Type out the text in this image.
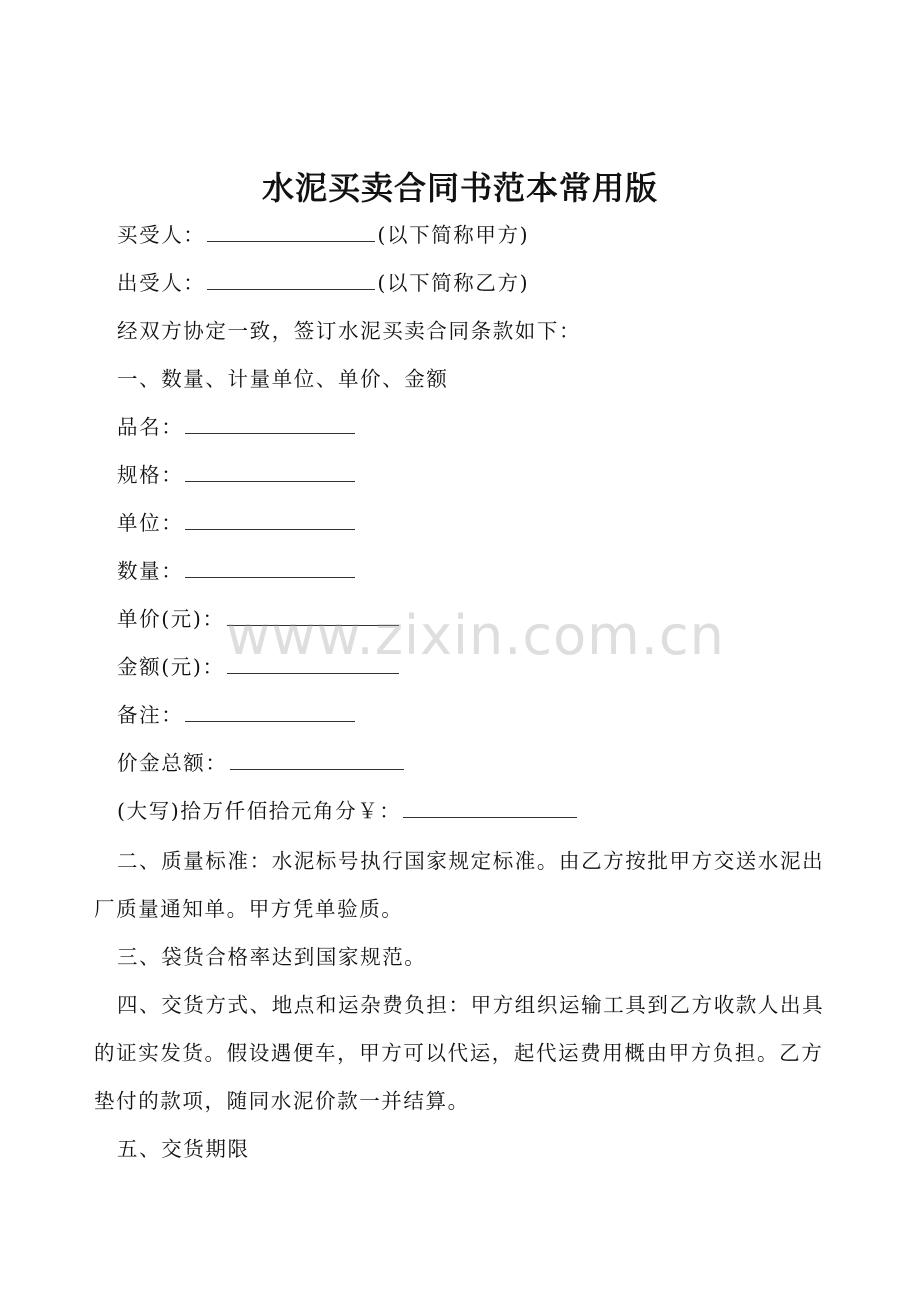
水泥买卖合同书范本常用版
买受人：	(以下简称甲方)
出受人：	(以下简称乙方)
经双方协定一致，签订水泥买卖合同条款如下：
一、数量、计量单位、单价、金额
品名：
规格：
单位：
数量：
单价(元)：
金额(元)：
备注：
价金总额：
(大写)拾万仟佰拾元角分￥：
二、质量标准：水泥标号执行国家规定标准。由乙方按批甲方交送水泥出厂质量通知单。甲方凭单验质。
三、袋货合格率达到国家规范。
四、交货方式、地点和运杂费负担：甲方组织运输工具到乙方收款人出具的证实发货。假设遇便车，甲方可以代运，起代运费用概由甲方负担。乙方垫付的款项，随同水泥价款一并结算。
五、交货期限
www.zixin.com.cn
